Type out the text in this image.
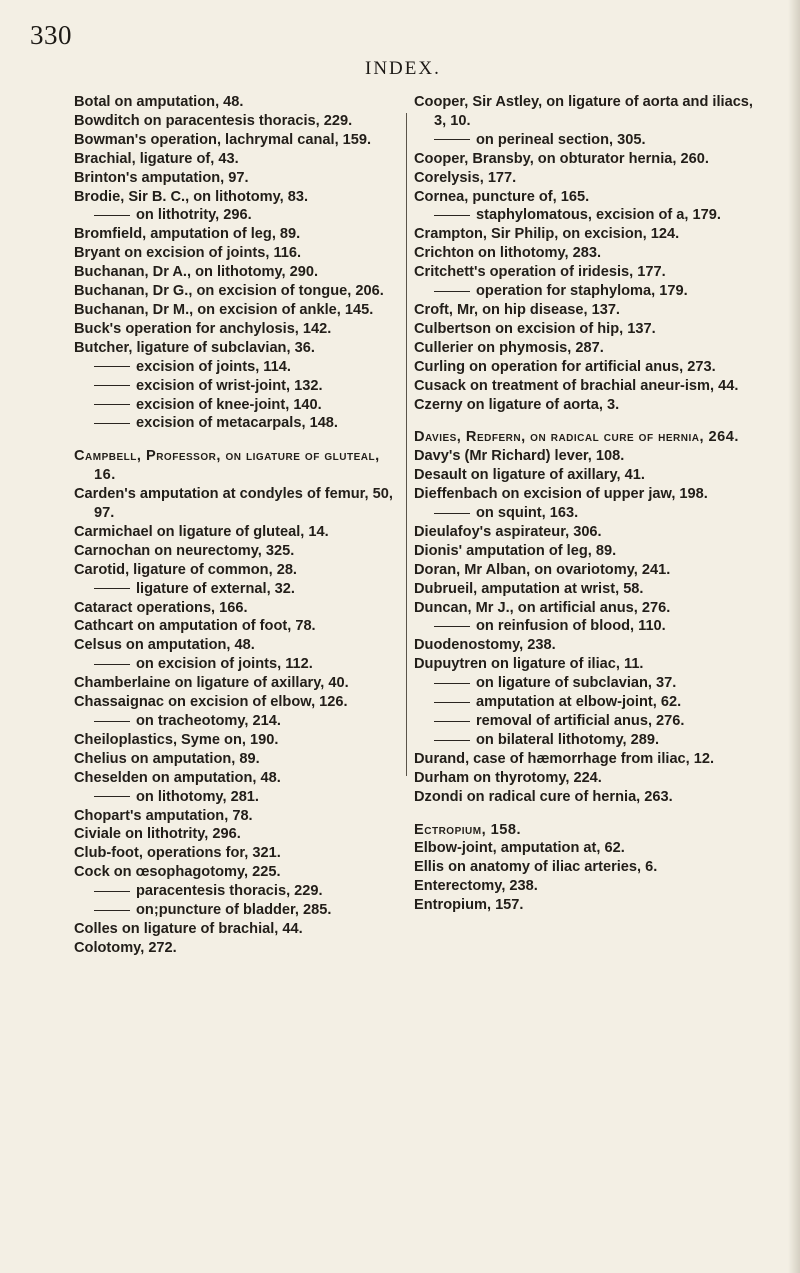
330
INDEX.
Botal on amputation, 48.
Bowditch on paracentesis thoracis, 229.
Bowman's operation, lachrymal canal, 159.
Brachial, ligature of, 43.
Brinton's amputation, 97.
Brodie, Sir B. C., on lithotomy, 83.
on lithotrity, 296.
Bromfield, amputation of leg, 89.
Bryant on excision of joints, 116.
Buchanan, Dr A., on lithotomy, 290.
Buchanan, Dr G., on excision of tongue, 206.
Buchanan, Dr M., on excision of ankle, 145.
Buck's operation for anchylosis, 142.
Butcher, ligature of subclavian, 36.
excision of joints, 114.
excision of wrist-joint, 132.
excision of knee-joint, 140.
excision of metacarpals, 148.
Campbell, Professor, on ligature of gluteal, 16.
Carden's amputation at condyles of femur, 50, 97.
Carmichael on ligature of gluteal, 14.
Carnochan on neurectomy, 325.
Carotid, ligature of common, 28.
ligature of external, 32.
Cataract operations, 166.
Cathcart on amputation of foot, 78.
Celsus on amputation, 48.
on excision of joints, 112.
Chamberlaine on ligature of axillary, 40.
Chassaignac on excision of elbow, 126.
on tracheotomy, 214.
Cheiloplastics, Syme on, 190.
Chelius on amputation, 89.
Cheselden on amputation, 48.
on lithotomy, 281.
Chopart's amputation, 78.
Civiale on lithotrity, 296.
Club-foot, operations for, 321.
Cock on œsophagotomy, 225.
paracentesis thoracis, 229.
on;puncture of bladder, 285.
Colles on ligature of brachial, 44.
Colotomy, 272.
Cooper, Sir Astley, on ligature of aorta and iliacs, 3, 10.
on perineal section, 305.
Cooper, Bransby, on obturator hernia, 260.
Corelysis, 177.
Cornea, puncture of, 165.
staphylomatous, excision of a, 179.
Crampton, Sir Philip, on excision, 124.
Crichton on lithotomy, 283.
Critchett's operation of iridesis, 177.
operation for staphyloma, 179.
Croft, Mr, on hip disease, 137.
Culbertson on excision of hip, 137.
Cullerier on phymosis, 287.
Curling on operation for artificial anus, 273.
Cusack on treatment of brachial aneur-ism, 44.
Czerny on ligature of aorta, 3.
Davies, Redfern, on radical cure of hernia, 264.
Davy's (Mr Richard) lever, 108.
Desault on ligature of axillary, 41.
Dieffenbach on excision of upper jaw, 198.
on squint, 163.
Dieulafoy's aspirateur, 306.
Dionis' amputation of leg, 89.
Doran, Mr Alban, on ovariotomy, 241.
Dubrueil, amputation at wrist, 58.
Duncan, Mr J., on artificial anus, 276.
on reinfusion of blood, 110.
Duodenostomy, 238.
Dupuytren on ligature of iliac, 11.
on ligature of subclavian, 37.
amputation at elbow-joint, 62.
removal of artificial anus, 276.
on bilateral lithotomy, 289.
Durand, case of hæmorrhage from iliac, 12.
Durham on thyrotomy, 224.
Dzondi on radical cure of hernia, 263.
Ectropium, 158.
Elbow-joint, amputation at, 62.
Ellis on anatomy of iliac arteries, 6.
Enterectomy, 238.
Entropium, 157.
